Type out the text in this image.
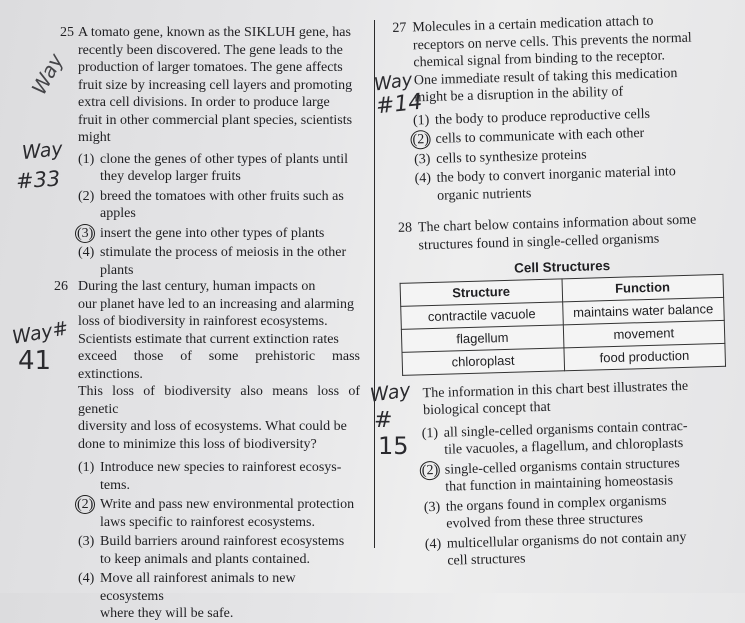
25 A tomato gene, known as the SIKLUH gene, has
recently been discovered. The gene leads to the
production of larger tomatoes. The gene affects
fruit size by increasing cell layers and promoting
extra cell divisions. In order to produce large
fruit in other commercial plant species, scientists
might
(1) clone the genes of other types of plants until
they develop larger fruits
(2) breed the tomatoes with other fruits such as
apples
(3) insert the gene into other types of plants
(4) stimulate the process of meiosis in the other
plants
26 During the last century, human impacts on
our planet have led to an increasing and alarming
loss of biodiversity in rainforest ecosystems.
Scientists estimate that current extinction rates
exceed those of some prehistoric mass extinctions.
This loss of biodiversity also means loss of genetic
diversity and loss of ecosystems. What could be
done to minimize this loss of biodiversity?
(1) Introduce new species to rainforest ecosys-
tems.
(2) Write and pass new environmental protection
laws specific to rainforest ecosystems.
(3) Build barriers around rainforest ecosystems
to keep animals and plants contained.
(4) Move all rainforest animals to new ecosystems
where they will be safe.
27 Molecules in a certain medication attach to
receptors on nerve cells. This prevents the normal
chemical signal from binding to the receptor.
One immediate result of taking this medication
might be a disruption in the ability of
(1) the body to produce reproductive cells
(2) cells to communicate with each other
(3) cells to synthesize proteins
(4) the body to convert inorganic material into
organic nutrients
28 The chart below contains information about some
structures found in single-celled organisms
Cell Structures
Structure	Function
contractile vacuole	maintains water balance
flagellum	movement
chloroplast	food production
The information in this chart best illustrates the
biological concept that
(1) all single-celled organisms contain contrac-
tile vacuoles, a flagellum, and chloroplasts
(2) single-celled organisms contain structures
that function in maintaining homeostasis
(3) the organs found in complex organisms
evolved from these three structures
(4) multicellular organisms do not contain any
cell structures
Way
Way
#33
Way#
41
Way
#14
Way
#
15
